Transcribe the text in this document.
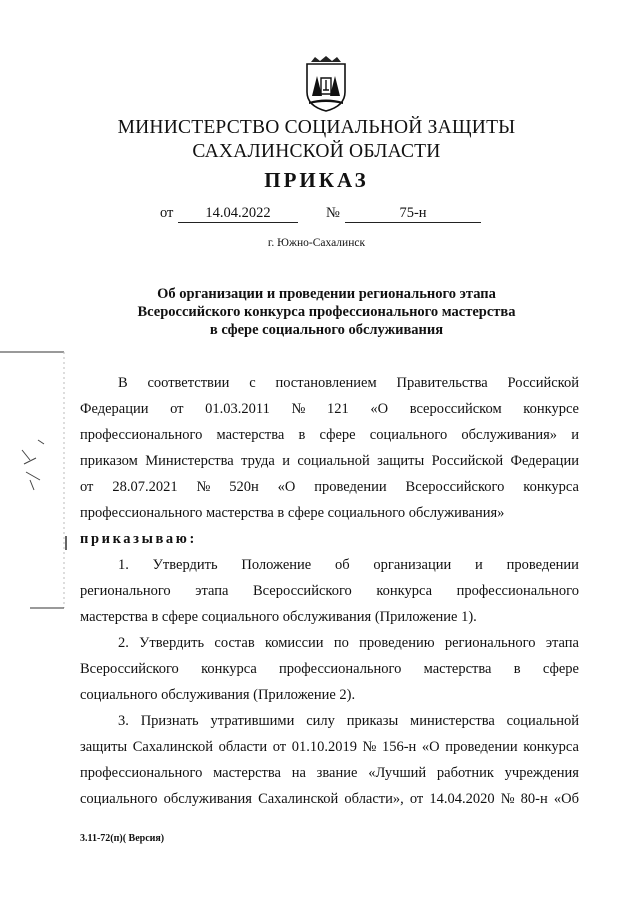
МИНИСТЕРСТВО СОЦИАЛЬНОЙ ЗАЩИТЫ
САХАЛИНСКОЙ ОБЛАСТИ
ПРИКАЗ
от	14.04.2022	№	75-н
г. Южно-Сахалинск
Об организации и проведении регионального этапа
Всероссийского конкурса профессионального мастерства
в сфере социального обслуживания
В соответствии с постановлением Правительства Российской
Федерации от 01.03.2011 № 121 «О всероссийском конкурсе
профессионального мастерства в сфере социального обслуживания» и
приказом Министерства труда и социальной защиты Российской Федерации
от 28.07.2021 № 520н «О проведении Всероссийского конкурса
профессионального мастерства в сфере социального обслуживания»
приказываю:
1. Утвердить Положение об организации и проведении
регионального этапа Всероссийского конкурса профессионального
мастерства в сфере социального обслуживания (Приложение 1).
2. Утвердить состав комиссии по проведению регионального этапа
Всероссийского конкурса профессионального мастерства в сфере
социального обслуживания (Приложение 2).
3. Признать утратившими силу приказы министерства социальной
защиты Сахалинской области от 01.10.2019 № 156-н «О проведении конкурса
профессионального мастерства на звание «Лучший работник учреждения
социального обслуживания Сахалинской области», от 14.04.2020 № 80-н «Об
3.11-72(п)( Версия)
